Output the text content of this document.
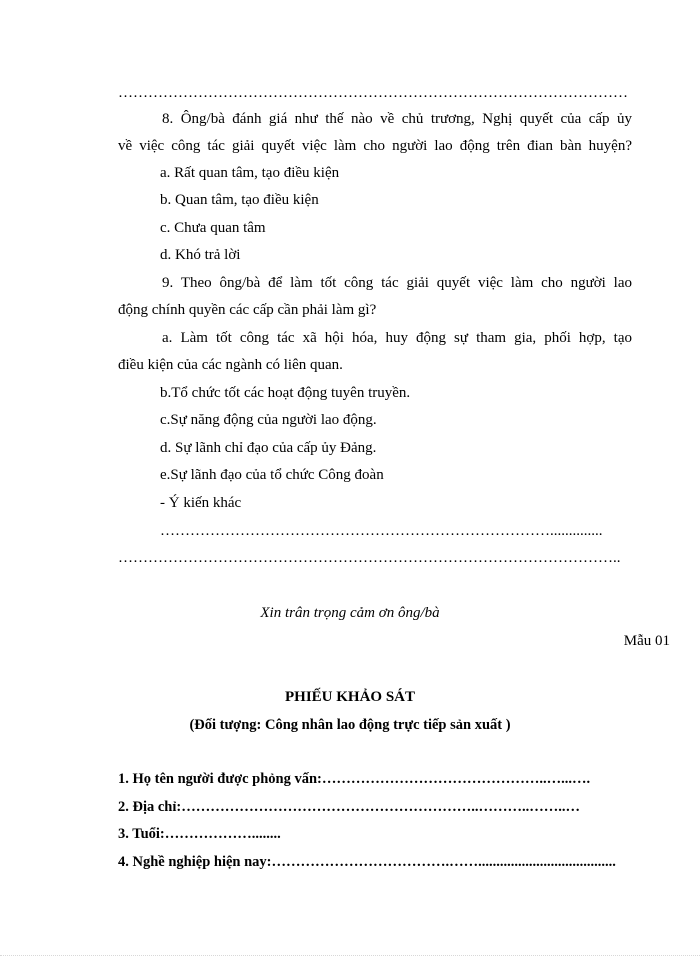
…………………………………………………………………………………………
8. Ông/bà đánh giá như thế nào về chủ trương, Nghị quyết của cấp ủy
về việc công tác giải quyết việc làm cho người lao động trên đian bàn huyện?
a. Rất quan tâm, tạo điều kiện
b. Quan tâm, tạo điều kiện
c. Chưa quan tâm
d. Khó trả lời
9. Theo ông/bà để làm tốt công tác giải quyết việc làm cho người lao
động chính quyền các cấp cần phải làm gì?
a. Làm tốt công tác xã hội hóa, huy động sự tham gia, phối hợp, tạo
điều kiện của các ngành có liên quan.
b.Tổ chức tốt các hoạt động tuyên truyền.
c.Sự năng động của người lao động.
d. Sự lãnh chỉ đạo của cấp ủy Đảng.
e.Sự lãnh đạo của tổ chức Công đoàn
- Ý kiến khác
……………………………………………………………………..............
………………………………………………………………………………………..
Xin trân trọng cảm ơn ông/bà
Mẫu 01
PHIẾU KHẢO SÁT
(Đối tượng: Công nhân lao động trực tiếp sản xuất )
1. Họ tên người được phỏng vấn:………………………………………..…...….
2. Địa chỉ:……………………………………………………..………..……..…
3. Tuổi:………………........
4. Nghề nghiệp hiện nay:……………………………….……......................................
